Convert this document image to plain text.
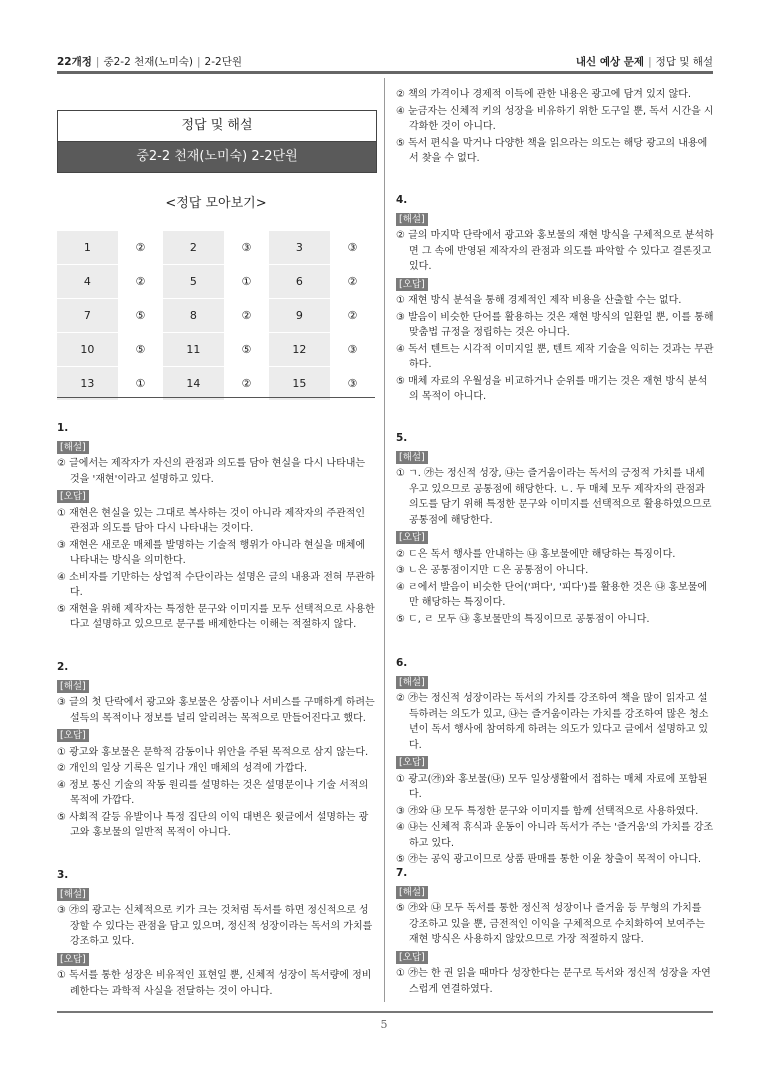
22개정 | 중2-2 천재(노미숙) | 2-2단원	내신 예상 문제 | 정답 및 해설
정답 및 해설
중2-2 천재(노미숙) 2-2단원
<정답 모아보기>
1	②	2	③	3	③
4	②	5	①	6	②
7	⑤	8	②	9	②
10	⑤	11	⑤	12	③
13	①	14	②	15	③
1.
[해설]
② 글에서는 제작자가 자신의 관점과 의도를 담아 현실을 다시 나타내는 것을 '재현'이라고 설명하고 있다.
[오답]
① 재현은 현실을 있는 그대로 복사하는 것이 아니라 제작자의 주관적인 관점과 의도를 담아 다시 나타내는 것이다.
③ 재현은 새로운 매체를 발명하는 기술적 행위가 아니라 현실을 매체에 나타내는 방식을 의미한다.
④ 소비자를 기만하는 상업적 수단이라는 설명은 글의 내용과 전혀 무관하다.
⑤ 재현을 위해 제작자는 특정한 문구와 이미지를 모두 선택적으로 사용한다고 설명하고 있으므로 문구를 배제한다는 이해는 적절하지 않다.
2.
[해설]
③ 글의 첫 단락에서 광고와 홍보물은 상품이나 서비스를 구매하게 하려는 설득의 목적이나 정보를 널리 알리려는 목적으로 만들어진다고 했다.
[오답]
① 광고와 홍보물은 문학적 감동이나 위안을 주된 목적으로 삼지 않는다.
② 개인의 일상 기록은 일기나 개인 매체의 성격에 가깝다.
④ 정보 통신 기술의 작동 원리를 설명하는 것은 설명문이나 기술 서적의 목적에 가깝다.
⑤ 사회적 갈등 유발이나 특정 집단의 이익 대변은 윗글에서 설명하는 광고와 홍보물의 일반적 목적이 아니다.
3.
[해설]
③ ㉮의 광고는 신체적으로 키가 크는 것처럼 독서를 하면 정신적으로 성장할 수 있다는 관점을 담고 있으며, 정신적 성장이라는 독서의 가치를 강조하고 있다.
[오답]
① 독서를 통한 성장은 비유적인 표현일 뿐, 신체적 성장이 독서량에 정비례한다는 과학적 사실을 전달하는 것이 아니다.
② 책의 가격이나 경제적 이득에 관한 내용은 광고에 담겨 있지 않다.
④ 눈금자는 신체적 키의 성장을 비유하기 위한 도구일 뿐, 독서 시간을 시각화한 것이 아니다.
⑤ 독서 편식을 막거나 다양한 책을 읽으라는 의도는 해당 광고의 내용에서 찾을 수 없다.
4.
[해설]
② 글의 마지막 단락에서 광고와 홍보물의 재현 방식을 구체적으로 분석하면 그 속에 반영된 제작자의 관점과 의도를 파악할 수 있다고 결론짓고 있다.
[오답]
① 재현 방식 분석을 통해 경제적인 제작 비용을 산출할 수는 없다.
③ 발음이 비슷한 단어를 활용하는 것은 재현 방식의 일환일 뿐, 이를 통해 맞춤법 규정을 정립하는 것은 아니다.
④ 독서 텐트는 시각적 이미지일 뿐, 텐트 제작 기술을 익히는 것과는 무관하다.
⑤ 매체 자료의 우월성을 비교하거나 순위를 매기는 것은 재현 방식 분석의 목적이 아니다.
5.
[해설]
① ㄱ. ㉮는 정신적 성장, ㉯는 즐거움이라는 독서의 긍정적 가치를 내세우고 있으므로 공통점에 해당한다. ㄴ. 두 매체 모두 제작자의 관점과 의도를 담기 위해 특정한 문구와 이미지를 선택적으로 활용하였으므로 공통점에 해당한다.
[오답]
② ㄷ은 독서 행사를 안내하는 ㉯ 홍보물에만 해당하는 특징이다.
③ ㄴ은 공통점이지만 ㄷ은 공통점이 아니다.
④ ㄹ에서 발음이 비슷한 단어('펴다', '피다')를 활용한 것은 ㉯ 홍보물에만 해당하는 특징이다.
⑤ ㄷ, ㄹ 모두 ㉯ 홍보물만의 특징이므로 공통점이 아니다.
6.
[해설]
② ㉮는 정신적 성장이라는 독서의 가치를 강조하여 책을 많이 읽자고 설득하려는 의도가 있고, ㉯는 즐거움이라는 가치를 강조하여 많은 청소년이 독서 행사에 참여하게 하려는 의도가 있다고 글에서 설명하고 있다.
[오답]
① 광고(㉮)와 홍보물(㉯) 모두 일상생활에서 접하는 매체 자료에 포함된다.
③ ㉮와 ㉯ 모두 특정한 문구와 이미지를 함께 선택적으로 사용하였다.
④ ㉯는 신체적 휴식과 운동이 아니라 독서가 주는 '즐거움'의 가치를 강조하고 있다.
⑤ ㉮는 공익 광고이므로 상품 판매를 통한 이윤 창출이 목적이 아니다.
7.
[해설]
⑤ ㉮와 ㉯ 모두 독서를 통한 정신적 성장이나 즐거움 등 무형의 가치를 강조하고 있을 뿐, 금전적인 이익을 구체적으로 수치화하여 보여주는 재현 방식은 사용하지 않았으므로 가장 적절하지 않다.
[오답]
① ㉮는 한 권 읽을 때마다 성장한다는 문구로 독서와 정신적 성장을 자연스럽게 연결하였다.
5
